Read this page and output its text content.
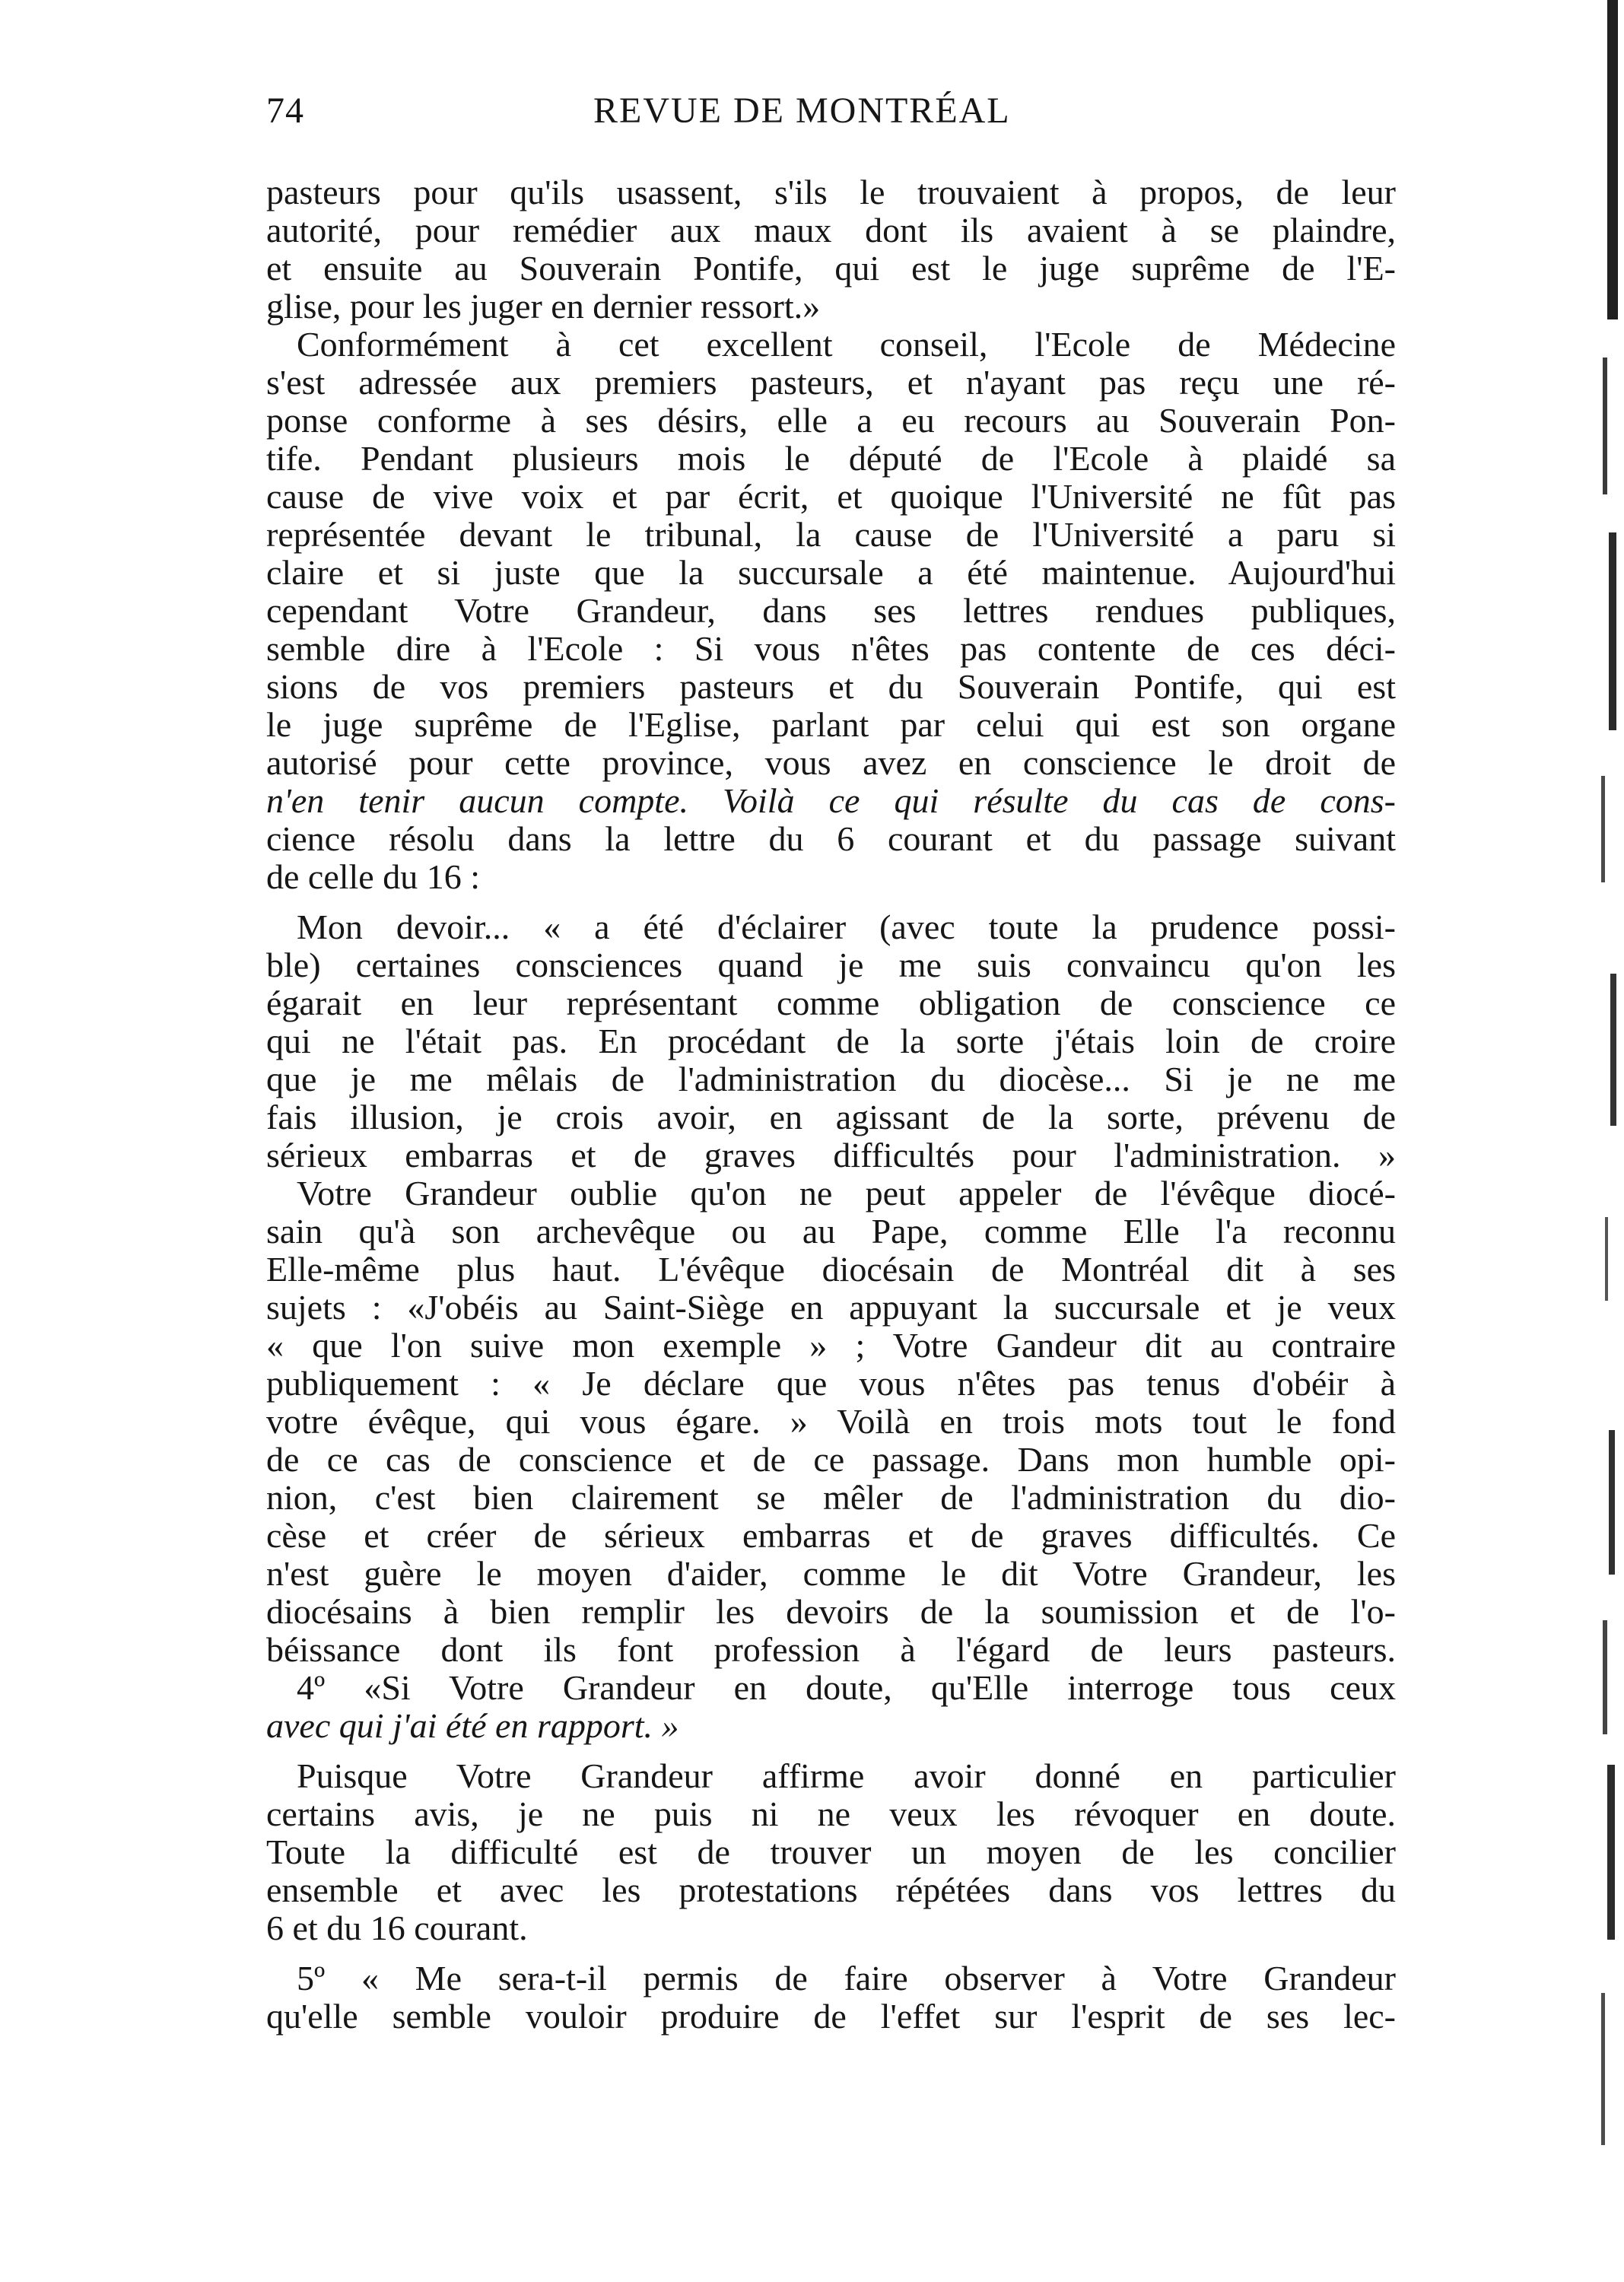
74	REVUE DE MONTRÉAL
pasteurs pour qu'ils usassent, s'ils le trouvaient à propos, de leur
autorité, pour remédier aux maux dont ils avaient à se plaindre,
et ensuite au Souverain Pontife, qui est le juge suprême de l'E-
glise, pour les juger en dernier ressort.»
Conformément à cet excellent conseil, l'Ecole de Médecine
s'est adressée aux premiers pasteurs, et n'ayant pas reçu une ré-
ponse conforme à ses désirs, elle a eu recours au Souverain Pon-
tife. Pendant plusieurs mois le député de l'Ecole à plaidé sa
cause de vive voix et par écrit, et quoique l'Université ne fût pas
représentée devant le tribunal, la cause de l'Université a paru si
claire et si juste que la succursale a été maintenue. Aujourd'hui
cependant Votre Grandeur, dans ses lettres rendues publiques,
semble dire à l'Ecole : Si vous n'êtes pas contente de ces déci-
sions de vos premiers pasteurs et du Souverain Pontife, qui est
le juge suprême de l'Eglise, parlant par celui qui est son organe
autorisé pour cette province, vous avez en conscience le droit de
n'en tenir aucun compte. Voilà ce qui résulte du cas de cons-
cience résolu dans la lettre du 6 courant et du passage suivant
de celle du 16 :
Mon devoir... « a été d'éclairer (avec toute la prudence possi-
ble) certaines consciences quand je me suis convaincu qu'on les
égarait en leur représentant comme obligation de conscience ce
qui ne l'était pas. En procédant de la sorte j'étais loin de croire
que je me mêlais de l'administration du diocèse... Si je ne me
fais illusion, je crois avoir, en agissant de la sorte, prévenu de
sérieux embarras et de graves difficultés pour l'administration. »
Votre Grandeur oublie qu'on ne peut appeler de l'évêque diocé-
sain qu'à son archevêque ou au Pape, comme Elle l'a reconnu
Elle-même plus haut. L'évêque diocésain de Montréal dit à ses
sujets : «J'obéis au Saint-Siège en appuyant la succursale et je veux
« que l'on suive mon exemple » ; Votre Gandeur dit au contraire
publiquement : « Je déclare que vous n'êtes pas tenus d'obéir à
votre évêque, qui vous égare. » Voilà en trois mots tout le fond
de ce cas de conscience et de ce passage. Dans mon humble opi-
nion, c'est bien clairement se mêler de l'administration du dio-
cèse et créer de sérieux embarras et de graves difficultés. Ce
n'est guère le moyen d'aider, comme le dit Votre Grandeur, les
diocésains à bien remplir les devoirs de la soumission et de l'o-
béissance dont ils font profession à l'égard de leurs pasteurs.
4º «Si Votre Grandeur en doute, qu'Elle interroge tous ceux
avec qui j'ai été en rapport. »
Puisque Votre Grandeur affirme avoir donné en particulier
certains avis, je ne puis ni ne veux les révoquer en doute.
Toute la difficulté est de trouver un moyen de les concilier
ensemble et avec les protestations répétées dans vos lettres du
6 et du 16 courant.
5º « Me sera-t-il permis de faire observer à Votre Grandeur
qu'elle semble vouloir produire de l'effet sur l'esprit de ses lec-
